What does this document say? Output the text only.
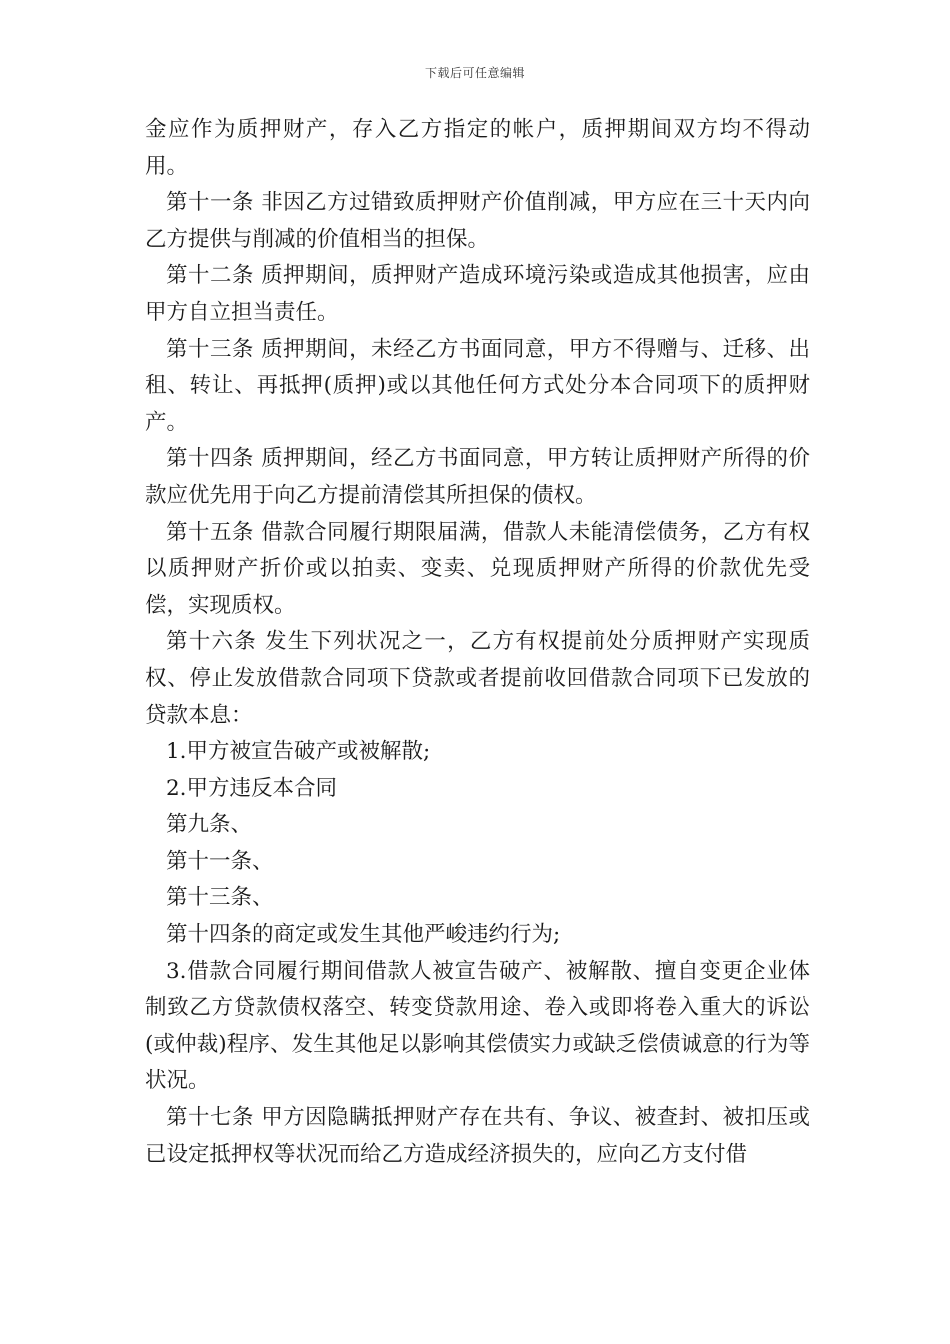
下载后可任意编辑

金应作为质押财产，存入乙方指定的帐户，质押期间双方均不得动用。

第十一条 非因乙方过错致质押财产价值削减，甲方应在三十天内向乙方提供与削减的价值相当的担保。

第十二条 质押期间，质押财产造成环境污染或造成其他损害，应由甲方自立担当责任。

第十三条 质押期间，未经乙方书面同意，甲方不得赠与、迁移、出租、转让、再抵押(质押)或以其他任何方式处分本合同项下的质押财产。

第十四条 质押期间，经乙方书面同意，甲方转让质押财产所得的价款应优先用于向乙方提前清偿其所担保的债权。

第十五条 借款合同履行期限届满，借款人未能清偿债务，乙方有权以质押财产折价或以拍卖、变卖、兑现质押财产所得的价款优先受偿，实现质权。

第十六条 发生下列状况之一，乙方有权提前处分质押财产实现质权、停止发放借款合同项下贷款或者提前收回借款合同项下已发放的贷款本息：

1.甲方被宣告破产或被解散;

2.甲方违反本合同

第九条、

第十一条、

第十三条、

第十四条的商定或发生其他严峻违约行为;

3.借款合同履行期间借款人被宣告破产、被解散、擅自变更企业体制致乙方贷款债权落空、转变贷款用途、卷入或即将卷入重大的诉讼(或仲裁)程序、发生其他足以影响其偿债实力或缺乏偿债诚意的行为等状况。

第十七条 甲方因隐瞒抵押财产存在共有、争议、被查封、被扣压或已设定抵押权等状况而给乙方造成经济损失的，应向乙方支付借
